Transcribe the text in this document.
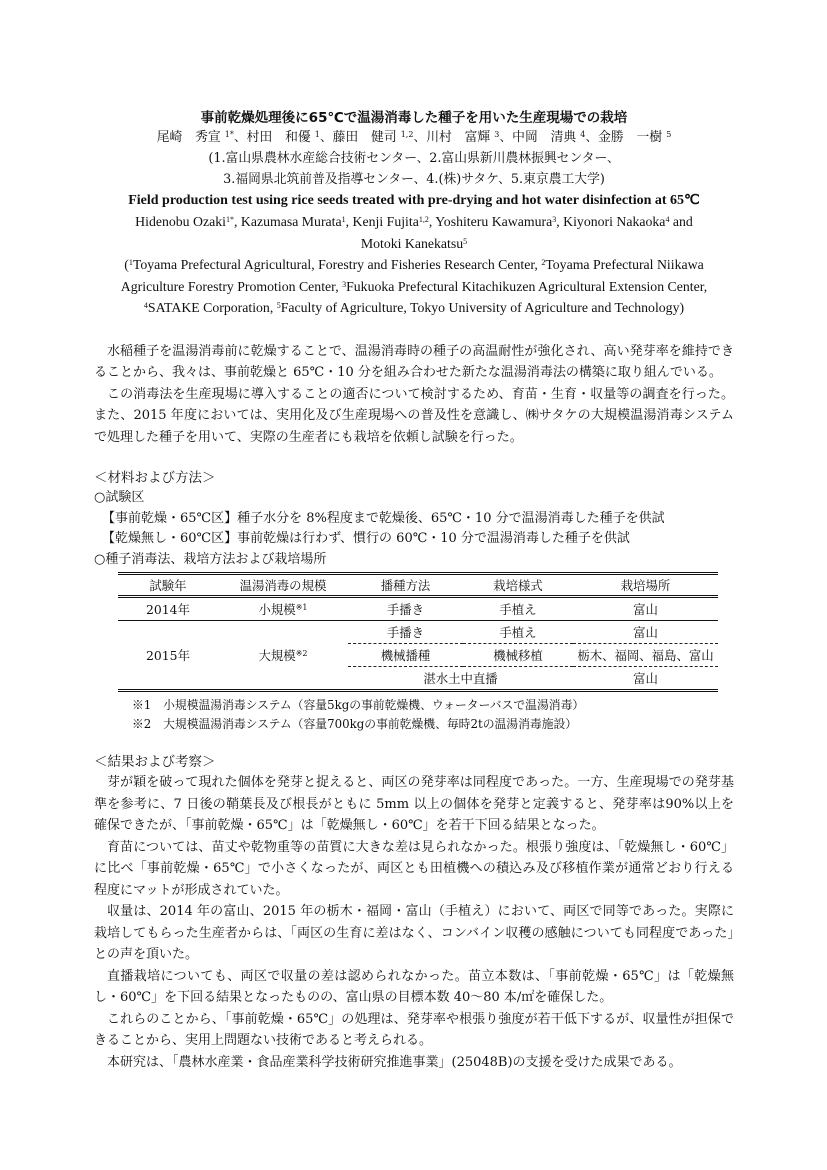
事前乾燥処理後に65℃で温湯消毒した種子を用いた生産現場での栽培
尾崎　秀宣 $^{1*}$、村田　和優 $^1$、藤田　健司 $^{1,2}$、川村　富輝 $^3$、中岡　清典 $^4$、金勝　一樹 $^5$
(1.富山県農林水産総合技術センター、2.富山県新川農林振興センター、
3.福岡県北筑前普及指導センター、4.(株)サタケ、5.東京農工大学)
Field production test using rice seeds treated with pre-drying and hot water disinfection at 65℃
Hidenobu Ozaki$^{1*}$, Kazumasa Murata$^1$, Kenji Fujita$^{1,2}$, Yoshiteru Kawamura$^3$, Kiyonori Nakaoka$^4$ and
Motoki Kanekatsu$^5$
($^1$Toyama Prefectural Agricultural, Forestry and Fisheries Research Center, $^2$Toyama Prefectural Niikawa
Agriculture Forestry Promotion Center, $^3$Fukuoka Prefectural Kitachikuzen Agricultural Extension Center,
$^4$SATAKE Corporation, $^5$Faculty of Agriculture, Tokyo University of Agriculture and Technology)
水稲種子を温湯消毒前に乾燥することで、温湯消毒時の種子の高温耐性が強化され、高い発芽率を維持できることから、我々は、事前乾燥と 65℃・10 分を組み合わせた新たな温湯消毒法の構築に取り組んでいる。
この消毒法を生産現場に導入することの適否について検討するため、育苗・生育・収量等の調査を行った。また、2015 年度においては、実用化及び生産現場への普及性を意識し、㈱サタケの大規模温湯消毒システムで処理した種子を用いて、実際の生産者にも栽培を依頼し試験を行った。
＜材料および方法＞
○試験区
【事前乾燥・65℃区】種子水分を 8%程度まで乾燥後、65℃・10 分で温湯消毒した種子を供試
【乾燥無し・60℃区】事前乾燥は行わず、慣行の 60℃・10 分で温湯消毒した種子を供試
○種子消毒法、栽培方法および栽培場所
試験年	温湯消毒の規模	播種方法	栽培様式	栽培場所
2014年	小規模$^{※1}$	手播き	手植え	富山
2015年	大規模$^{※2}$	手播き	手植え	富山
		機械播種	機械移植	栃木、福岡、福島、富山
		湛水土中直播		富山
※1　小規模温湯消毒システム（容量5kgの事前乾燥機、ウォーターバスで温湯消毒）
※2　大規模温湯消毒システム（容量700kgの事前乾燥機、毎時2tの温湯消毒施設）
＜結果および考察＞
芽が穎を破って現れた個体を発芽と捉えると、両区の発芽率は同程度であった。一方、生産現場での発芽基準を参考に、7 日後の鞘葉長及び根長がともに 5mm 以上の個体を発芽と定義すると、発芽率は90%以上を確保できたが、「事前乾燥・65℃」は「乾燥無し・60℃」を若干下回る結果となった。
育苗については、苗丈や乾物重等の苗質に大きな差は見られなかった。根張り強度は、「乾燥無し・60℃」に比べ「事前乾燥・65℃」で小さくなったが、両区とも田植機への積込み及び移植作業が通常どおり行える程度にマットが形成されていた。
収量は、2014 年の富山、2015 年の栃木・福岡・富山（手植え）において、両区で同等であった。実際に栽培してもらった生産者からは、「両区の生育に差はなく、コンバイン収穫の感触についても同程度であった」との声を頂いた。
直播栽培についても、両区で収量の差は認められなかった。苗立本数は、「事前乾燥・65℃」は「乾燥無し・60℃」を下回る結果となったものの、富山県の目標本数 40～80 本/㎡を確保した。
これらのことから、「事前乾燥・65℃」の処理は、発芽率や根張り強度が若干低下するが、収量性が担保できることから、実用上問題ない技術であると考えられる。
本研究は、「農林水産業・食品産業科学技術研究推進事業」(25048B)の支援を受けた成果である。
